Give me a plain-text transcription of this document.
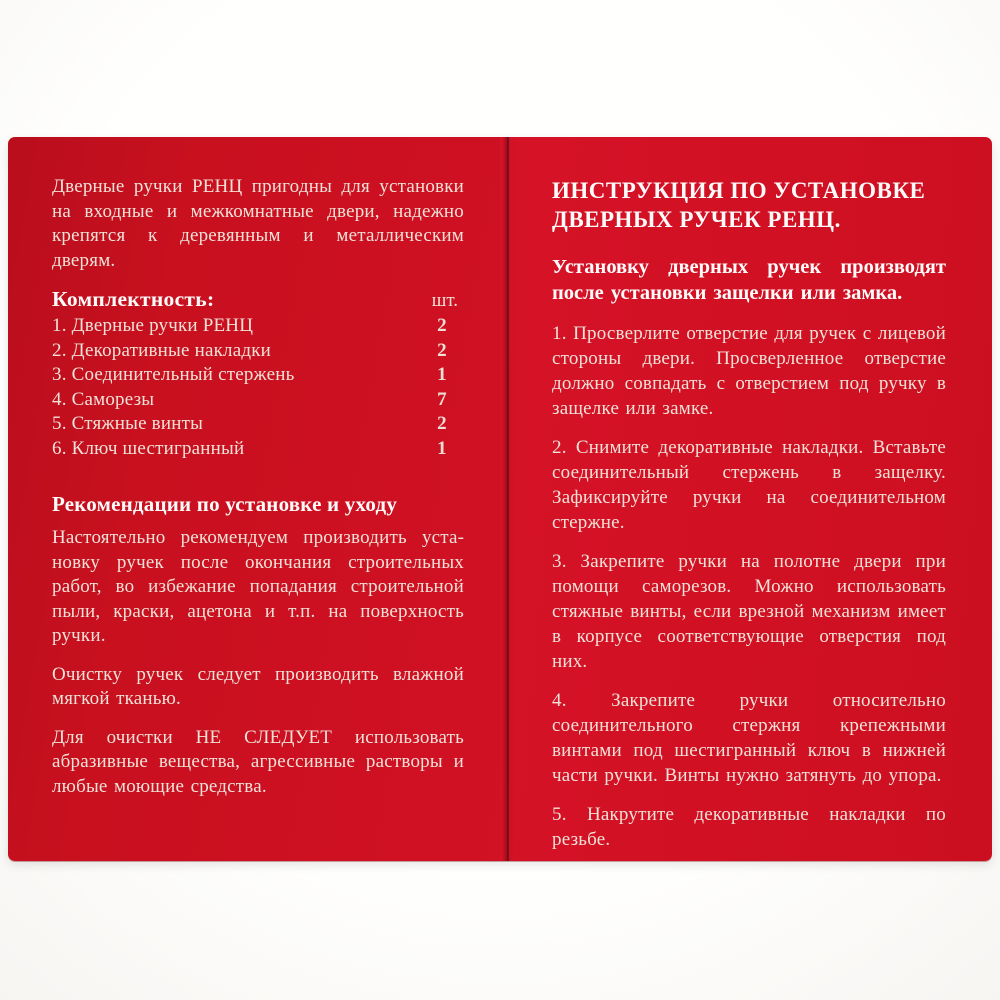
Дверные ручки РЕНЦ пригодны для установки на входные и межкомнатные двери, надежно крепятся к деревянным и металлическим дверям.

Комплектность:	шт.
1. Дверные ручки РЕНЦ	2
2. Декоративные накладки	2
3. Соединительный стержень	1
4. Саморезы	7
5. Стяжные винты	2
6. Ключ шестигранный	1
Рекомендации по установке и уходу

Настоятельно рекомендуем производить установку ручек после окончания строительных работ, во избежание попадания строительной пыли, краски, ацетона и т.п. на поверхность ручки.

Очистку ручек следует производить влажной мягкой тканью.

Для очистки НЕ СЛЕДУЕТ использовать абразивные вещества, агрессивные растворы и любые моющие средства.

ИНСТРУКЦИЯ ПО УСТАНОВКЕ ДВЕРНЫХ РУЧЕК РЕНЦ.

Установку дверных ручек производят после установки защелки или замка.

1. Просверлите отверстие для ручек с лицевой стороны двери. Просверленное отверстие должно совпадать с отверстием под ручку в защелке или замке.

2. Снимите декоративные накладки. Вставьте соединительный стержень в защелку. Зафиксируйте ручки на соединительном стержне.

3. Закрепите ручки на полотне двери при помощи саморезов. Можно использовать стяжные винты, если врезной механизм имеет в корпусе соответствующие отверстия под них.

4. Закрепите ручки относительно соединительного стержня крепежными винтами под шестигранный ключ в нижней части ручки. Винты нужно затянуть до упора.

5. Накрутите декоративные накладки по резьбе.
